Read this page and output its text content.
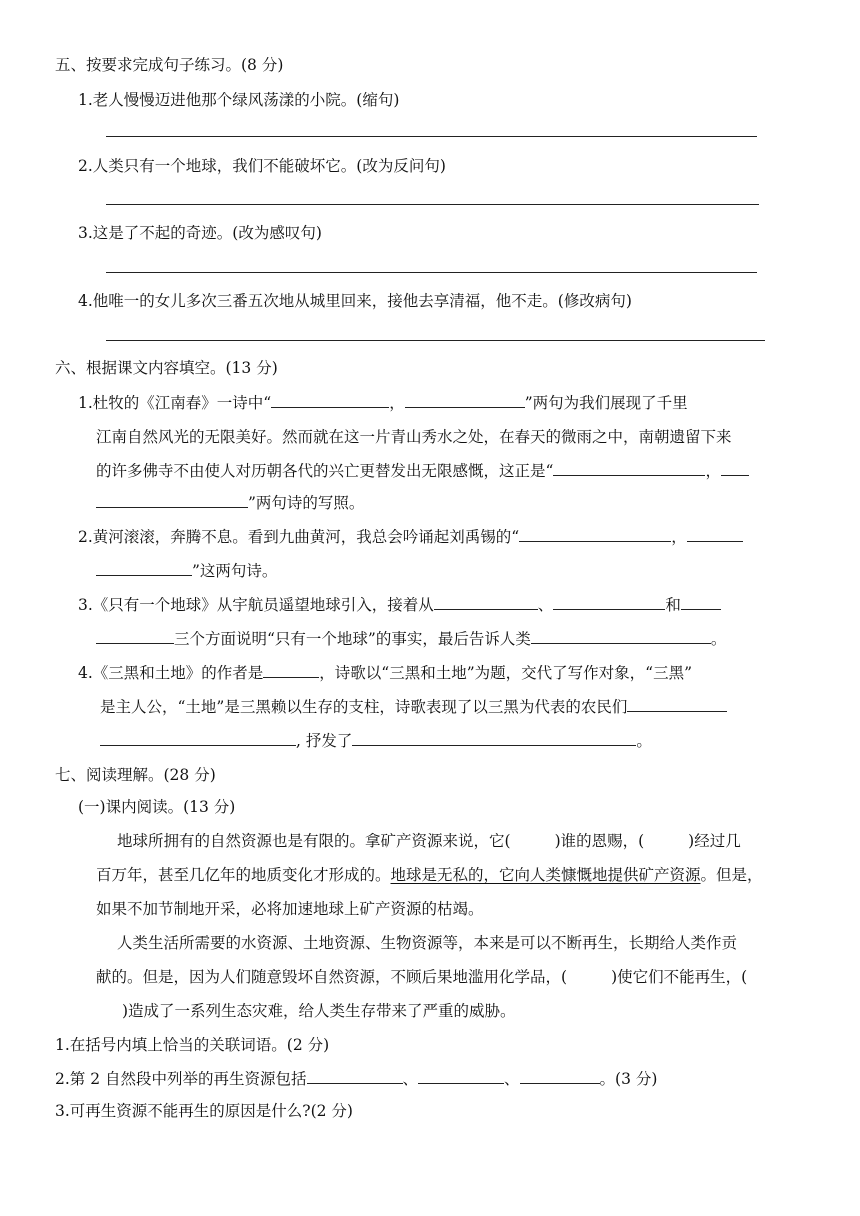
五、按要求完成句子练习。(8 分)
1.老人慢慢迈进他那个绿风荡漾的小院。(缩句)
2.人类只有一个地球，我们不能破坏它。(改为反问句)
3.这是了不起的奇迹。(改为感叹句)
4.他唯一的女儿多次三番五次地从城里回来，接他去享清福，他不走。(修改病句)
六、根据课文内容填空。(13 分)
1.杜牧的《江南春》一诗中“	，	”两句为我们展现了千里
江南自然风光的无限美好。然而就在这一片青山秀水之处，在春天的微雨之中，南朝遗留下来
的许多佛寺不由使人对历朝各代的兴亡更替发出无限感慨，这正是“	，
”两句诗的写照。
2.黄河滚滚，奔腾不息。看到九曲黄河，我总会吟诵起刘禹锡的“	，
”这两句诗。
3.《只有一个地球》从宇航员遥望地球引入，接着从	、	和
三个方面说明“只有一个地球”的事实，最后告诉人类	。
4.《三黑和土地》的作者是	，诗歌以“三黑和土地”为题，交代了写作对象，“三黑”
是主人公，“土地”是三黑赖以生存的支柱，诗歌表现了以三黑为代表的农民们
, 抒发了	。
七、阅读理解。(28 分)
(一)课内阅读。(13 分)
地球所拥有的自然资源也是有限的。拿矿产资源来说，它(	)谁的恩赐，(	)经过几
百万年，甚至几亿年的地质变化才形成的。地球是无私的，它向人类慷慨地提供矿产资源。但是，
如果不加节制地开采，必将加速地球上矿产资源的枯竭。
人类生活所需要的水资源、土地资源、生物资源等，本来是可以不断再生，长期给人类作贡
献的。但是，因为人们随意毁坏自然资源，不顾后果地滥用化学品，(	)使它们不能再生，(
)造成了一系列生态灾难，给人类生存带来了严重的威胁。
1.在括号内填上恰当的关联词语。(2 分)
2.第 2 自然段中列举的再生资源包括	、	、	。(3 分)
3.可再生资源不能再生的原因是什么?(2 分)
